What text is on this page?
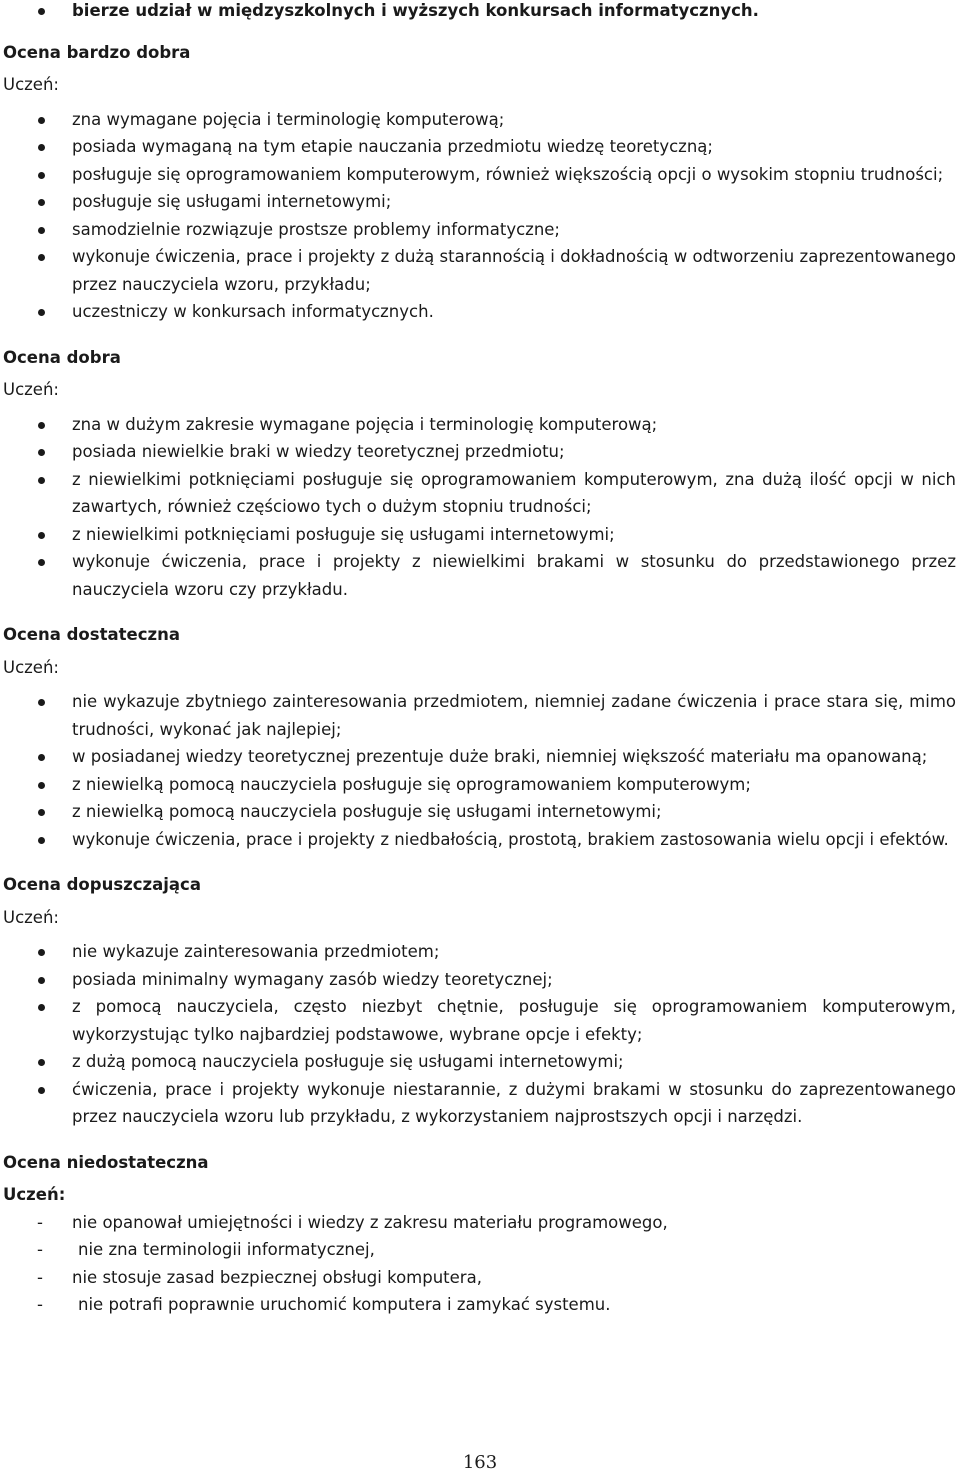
bierze udział w międzyszkolnych i wyższych konkursach informatycznych.

Ocena bardzo dobra

Uczeń:

zna wymagane pojęcia i terminologię komputerową;
posiada wymaganą na tym etapie nauczania przedmiotu wiedzę teoretyczną;
posługuje się oprogramowaniem komputerowym, również większością opcji o wysokim stopniu trudności;
posługuje się usługami internetowymi;
samodzielnie rozwiązuje prostsze problemy informatyczne;
wykonuje ćwiczenia, prace i projekty z dużą starannością i dokładnością w odtworzeniu zaprezentowanego przez nauczyciela wzoru, przykładu;
uczestniczy w konkursach informatycznych.

Ocena dobra

Uczeń:

zna w dużym zakresie wymagane pojęcia i terminologię komputerową;
posiada niewielkie braki w wiedzy teoretycznej przedmiotu;
z niewielkimi potknięciami posługuje się oprogramowaniem komputerowym, zna dużą ilość opcji w nich zawartych, również częściowo tych o dużym stopniu trudności;
z niewielkimi potknięciami posługuje się usługami internetowymi;
wykonuje ćwiczenia, prace i projekty z niewielkimi brakami w stosunku do przedstawionego przez nauczyciela wzoru czy przykładu.

Ocena dostateczna

Uczeń:

nie wykazuje zbytniego zainteresowania przedmiotem, niemniej zadane ćwiczenia i prace stara się, mimo trudności, wykonać jak najlepiej;
w posiadanej wiedzy teoretycznej prezentuje duże braki, niemniej większość materiału ma opanowaną;
z niewielką pomocą nauczyciela posługuje się oprogramowaniem komputerowym;
z niewielką pomocą nauczyciela posługuje się usługami internetowymi;
wykonuje ćwiczenia, prace i projekty z niedbałością, prostotą, brakiem zastosowania wielu opcji i efektów.

Ocena dopuszczająca

Uczeń:

nie wykazuje zainteresowania przedmiotem;
posiada minimalny wymagany zasób wiedzy teoretycznej;
z pomocą nauczyciela, często niezbyt chętnie, posługuje się oprogramowaniem komputerowym, wykorzystując tylko najbardziej podstawowe, wybrane opcje i efekty;
z dużą pomocą nauczyciela posługuje się usługami internetowymi;
ćwiczenia, prace i projekty wykonuje niestarannie, z dużymi brakami w stosunku do zaprezentowanego przez nauczyciela wzoru lub przykładu, z wykorzystaniem najprostszych opcji i narzędzi.

Ocena niedostateczna

Uczeń:

- nie opanował umiejętności i wiedzy z zakresu materiału programowego,
- nie zna terminologii informatycznej,
- nie stosuje zasad bezpiecznej obsługi komputera,
- nie potrafi poprawnie uruchomić komputera i zamykać systemu.
163
